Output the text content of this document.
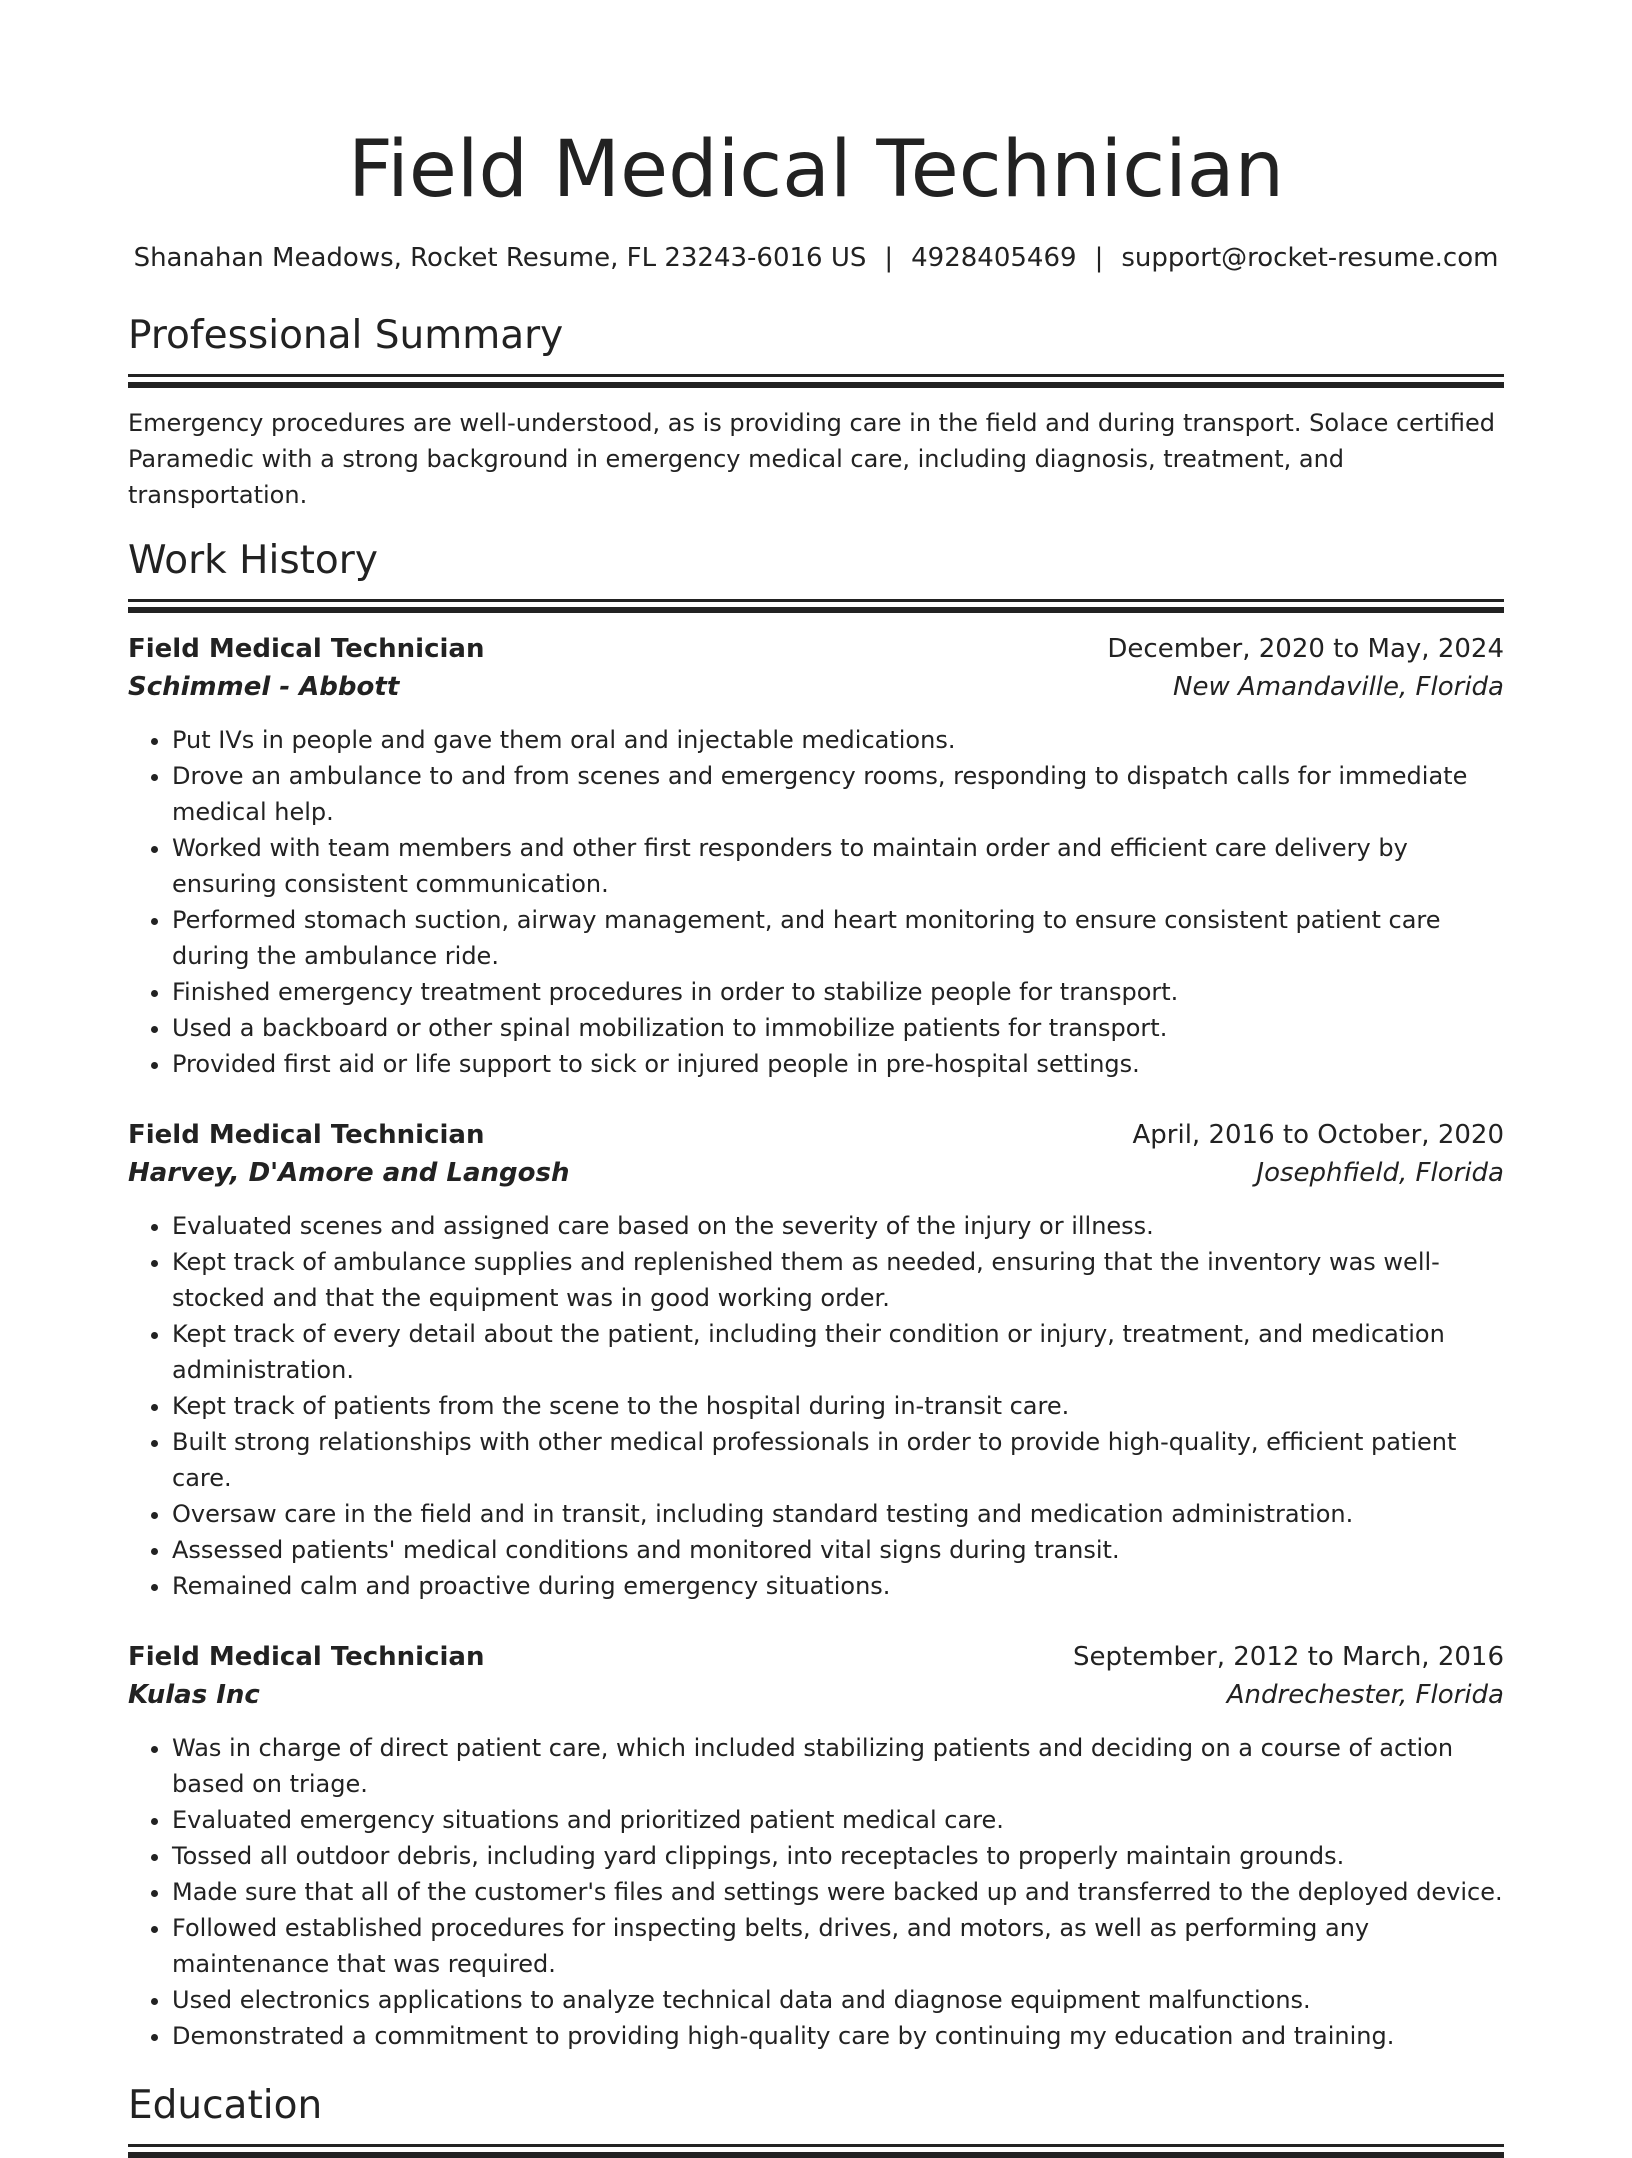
Field Medical Technician
Shanahan Meadows, Rocket Resume, FL 23243-6016 US | 4928405469 | support@rocket-resume.com
Professional Summary

Emergency procedures are well-understood, as is providing care in the field and during transport. Solace certified Paramedic with a strong background in emergency medical care, including diagnosis, treatment, and transportation.

Work History
Field Medical Technician	December, 2020 to May, 2024
Schimmel - Abbott	New Amandaville, Florida
• Put IVs in people and gave them oral and injectable medications.
• Drove an ambulance to and from scenes and emergency rooms, responding to dispatch calls for immediate medical help.
• Worked with team members and other first responders to maintain order and efficient care delivery by ensuring consistent communication.
• Performed stomach suction, airway management, and heart monitoring to ensure consistent patient care during the ambulance ride.
• Finished emergency treatment procedures in order to stabilize people for transport.
• Used a backboard or other spinal mobilization to immobilize patients for transport.
• Provided first aid or life support to sick or injured people in pre-hospital settings.
Field Medical Technician	April, 2016 to October, 2020
Harvey, D'Amore and Langosh	Josephfield, Florida
• Evaluated scenes and assigned care based on the severity of the injury or illness.
• Kept track of ambulance supplies and replenished them as needed, ensuring that the inventory was well-stocked and that the equipment was in good working order.
• Kept track of every detail about the patient, including their condition or injury, treatment, and medication administration.
• Kept track of patients from the scene to the hospital during in-transit care.
• Built strong relationships with other medical professionals in order to provide high-quality, efficient patient care.
• Oversaw care in the field and in transit, including standard testing and medication administration.
• Assessed patients' medical conditions and monitored vital signs during transit.
• Remained calm and proactive during emergency situations.
Field Medical Technician	September, 2012 to March, 2016
Kulas Inc	Andrechester, Florida
• Was in charge of direct patient care, which included stabilizing patients and deciding on a course of action based on triage.
• Evaluated emergency situations and prioritized patient medical care.
• Tossed all outdoor debris, including yard clippings, into receptacles to properly maintain grounds.
• Made sure that all of the customer's files and settings were backed up and transferred to the deployed device.
• Followed established procedures for inspecting belts, drives, and motors, as well as performing any maintenance that was required.
• Used electronics applications to analyze technical data and diagnose equipment malfunctions.
• Demonstrated a commitment to providing high-quality care by continuing my education and training.
Education
